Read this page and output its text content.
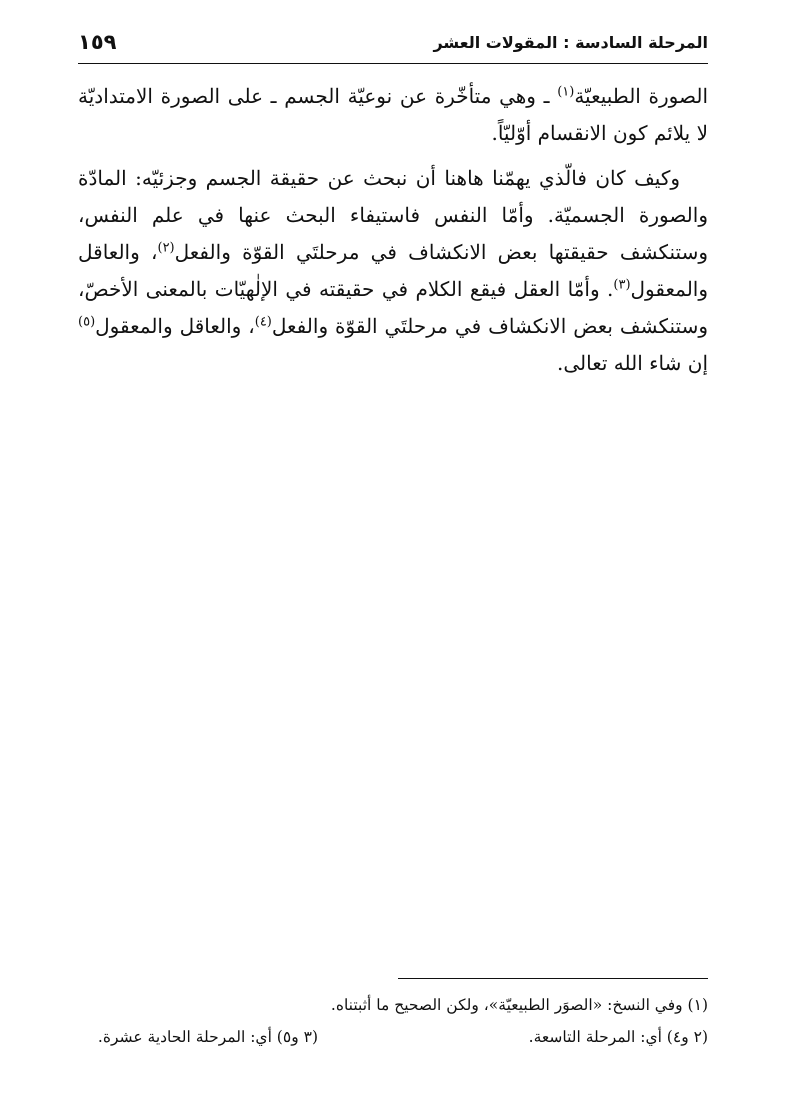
المرحلة السادسة : المقولات العشر
١٥٩

الصورة الطبيعيّة$^{(١)}$ ـ وهي متأخّرة عن نوعيّة الجسم ـ على الصورة الامتداديّة لا يلائم كون الانقسام أوّليّاً.

وكيف كان فالّذي يهمّنا هاهنا أن نبحث عن حقيقة الجسم وجزئيّه: المادّة والصورة الجسميّة. وأمّا النفس فاستيفاء البحث عنها في علم النفس، وستنكشف حقيقتها بعض الانكشاف في مرحلتَي القوّة والفعل$^{(٢)}$، والعاقل والمعقول$^{(٣)}$. وأمّا العقل فيقع الكلام في حقيقته في الإلٰهيّات بالمعنى الأخصّ، وستنكشف بعض الانكشاف في مرحلتَي القوّة والفعل$^{(٤)}$، والعاقل والمعقول$^{(٥)}$ إن شاء الله تعالى.

(١) وفي النسخ: «الصوَر الطبيعيّة»، ولكن الصحيح ما أثبتناه.
(٢ و٤) أي: المرحلة التاسعة.
(٣ و٥) أي: المرحلة الحادية عشرة.
